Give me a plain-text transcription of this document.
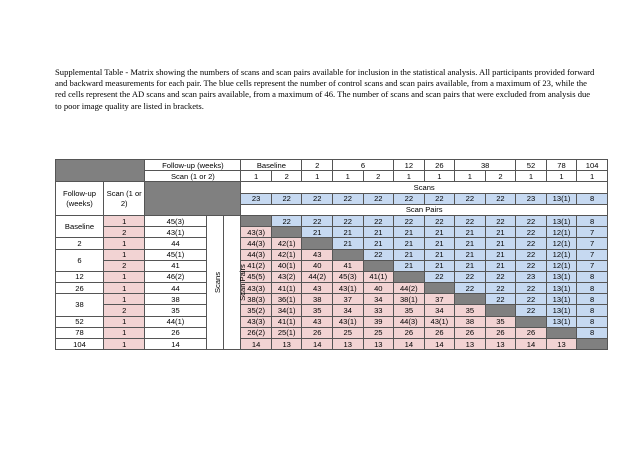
Supplemental Table - Matrix showing the numbers of scans and scan pairs available for inclusion in the statistical analysis. All participants provided forward and backward measurements for each pair. The blue cells represent the number of control scans and scan pairs available, from a maximum of 23, while the red cells represent the AD scans and scan pairs available, from a maximum of 46. The number of scans and scan pairs that were excluded from analysis due to poor image quality are listed in brackets.
		Follow-up (weeks)			Baseline		2	6		12	26	38		52	78	104
		Scan (1 or 2)			1	2	1	1	2	1	1	1	2	1	1	1
Follow-up (weeks)	Scan (1 or 2)				Scans											
					23	22	22	22	22	22	22	22	22	23	13(1)	8
					Scan Pairs											
Baseline	1	45(3)	Scans	Scan Pairs		22	22	22	22	22	22	22	22	22	13(1)	8
	2	43(1)			43(3)		21	21	21	21	21	21	21	22	12(1)	7
2	1	44			44(3)	42(1)		21	21	21	21	21	21	22	12(1)	7
6	1	45(1)			44(3)	42(1)	43		22	21	21	21	21	22	12(1)	7
	2	41			41(2)	40(1)	40	41		21	21	21	21	22	12(1)	7
12	1	46(2)			45(5)	43(2)	44(2)	45(3)	41(1)		22	22	22	23	13(1)	8
26	1	44			43(3)	41(1)	43	43(1)	40	44(2)		22	22	22	13(1)	8
38	1	38			38(3)	36(1)	38	37	34	38(1)	37		22	22	13(1)	8
	2	35			35(2)	34(1)	35	34	33	35	34	35		22	13(1)	8
52	1	44(1)			43(3)	41(1)	43	43(1)	39	44(3)	43(1)	38	35		13(1)	8
78	1	26			26(2)	25(1)	26	25	25	26	26	26	26	26		8
104	1	14			14	13	14	13	13	14	14	13	13	14	13	
